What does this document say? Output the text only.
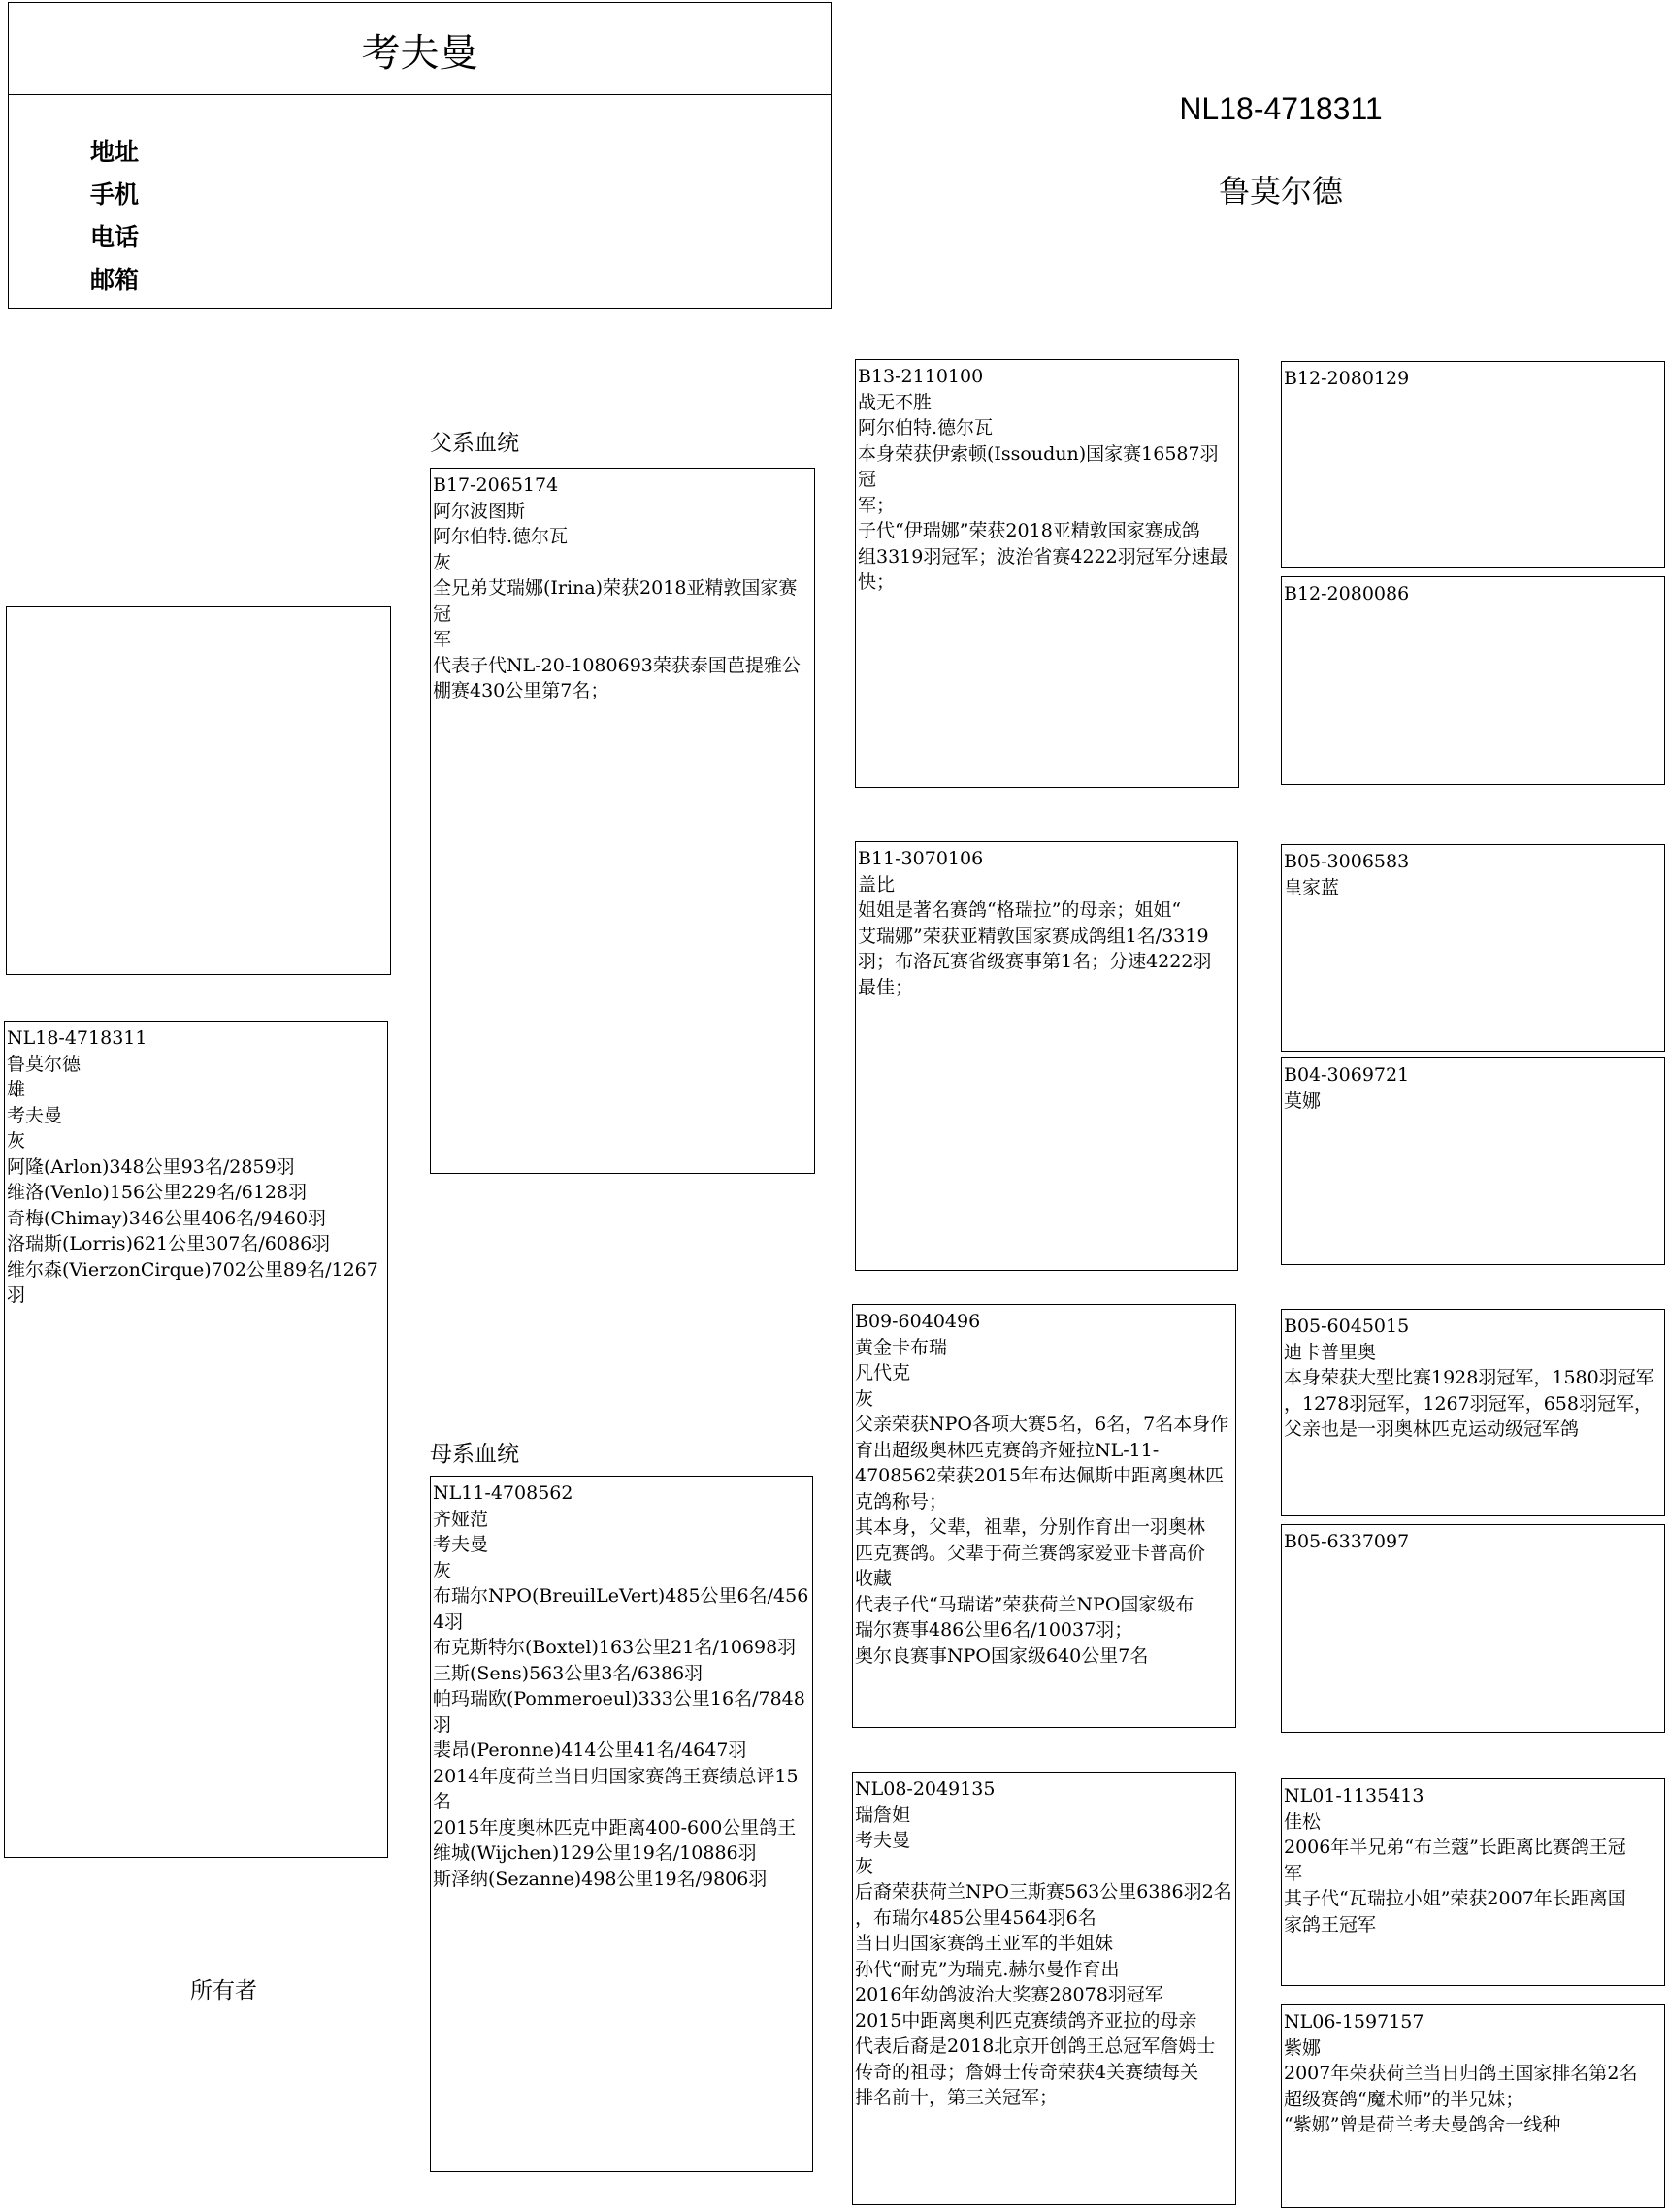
考夫曼
地址
手机
电话
邮箱
NL18-4718311
鲁莫尔德
父系血统
母系血统
所有者
NL18-4718311
鲁莫尔德
雄
考夫曼
灰
阿隆(Arlon)348公里93名/2859羽
维洛(Venlo)156公里229名/6128羽
奇梅(Chimay)346公里406名/9460羽
洛瑞斯(Lorris)621公里307名/6086羽
维尔森(VierzonCirque)702公里89名/1267羽
B17-2065174
阿尔波图斯
阿尔伯特.德尔瓦
灰
全兄弟艾瑞娜(Irina)荣获2018亚精敦国家赛冠
军
代表子代NL-20-1080693荣获泰国芭提雅公
棚赛430公里第7名；
NL11-4708562
齐娅范
考夫曼
灰
布瑞尔NPO(BreuilLeVert)485公里6名/4564羽
布克斯特尔(Boxtel)163公里21名/10698羽
三斯(Sens)563公里3名/6386羽
帕玛瑞欧(Pommeroeul)333公里16名/7848羽
裴昂(Peronne)414公里41名/4647羽
2014年度荷兰当日归国家赛鸽王赛绩总评15
名
2015年度奥林匹克中距离400-600公里鸽王
维城(Wijchen)129公里19名/10886羽
斯泽纳(Sezanne)498公里19名/9806羽
B13-2110100
战无不胜
阿尔伯特.德尔瓦
本身荣获伊索顿(Issoudun)国家赛16587羽冠
军；
子代“伊瑞娜”荣获2018亚精敦国家赛成鸽
组3319羽冠军；波治省赛4222羽冠军分速最
快；
B11-3070106
盖比
姐姐是著名赛鸽“格瑞拉”的母亲；姐姐“
艾瑞娜”荣获亚精敦国家赛成鸽组1名/3319
羽；布洛瓦赛省级赛事第1名；分速4222羽
最佳；
B09-6040496
黄金卡布瑞
凡代克
灰
父亲荣获NPO各项大赛5名，6名，7名本身作
育出超级奥林匹克赛鸽齐娅拉NL-11-
4708562荣获2015年布达佩斯中距离奥林匹
克鸽称号；
其本身，父辈，祖辈，分别作育出一羽奥林
匹克赛鸽。父辈于荷兰赛鸽家爱亚卡普高价
收藏
代表子代“马瑞诺”荣获荷兰NPO国家级布
瑞尔赛事486公里6名/10037羽；
奥尔良赛事NPO国家级640公里7名
NL08-2049135
瑞詹妲
考夫曼
灰
后裔荣获荷兰NPO三斯赛563公里6386羽2名
，布瑞尔485公里4564羽6名
当日归国家赛鸽王亚军的半姐妹
孙代“耐克”为瑞克.赫尔曼作育出
2016年幼鸽波治大奖赛28078羽冠军
2015中距离奥利匹克赛绩鸽齐亚拉的母亲
代表后裔是2018北京开创鸽王总冠军詹姆士
传奇的祖母；詹姆士传奇荣获4关赛绩每关
排名前十，第三关冠军；
B12-2080129
B12-2080086
B05-3006583
皇家蓝
B04-3069721
莫娜
B05-6045015
迪卡普里奥
本身荣获大型比赛1928羽冠军，1580羽冠军
，1278羽冠军，1267羽冠军，658羽冠军，
父亲也是一羽奥林匹克运动级冠军鸽
B05-6337097
NL01-1135413
佳松
2006年半兄弟“布兰蔻”长距离比赛鸽王冠
军
其子代“瓦瑞拉小姐”荣获2007年长距离国
家鸽王冠军
NL06-1597157
紫娜
2007年荣获荷兰当日归鸽王国家排名第2名
超级赛鸽“魔术师”的半兄妹；
“紫娜”曾是荷兰考夫曼鸽舍一线种
